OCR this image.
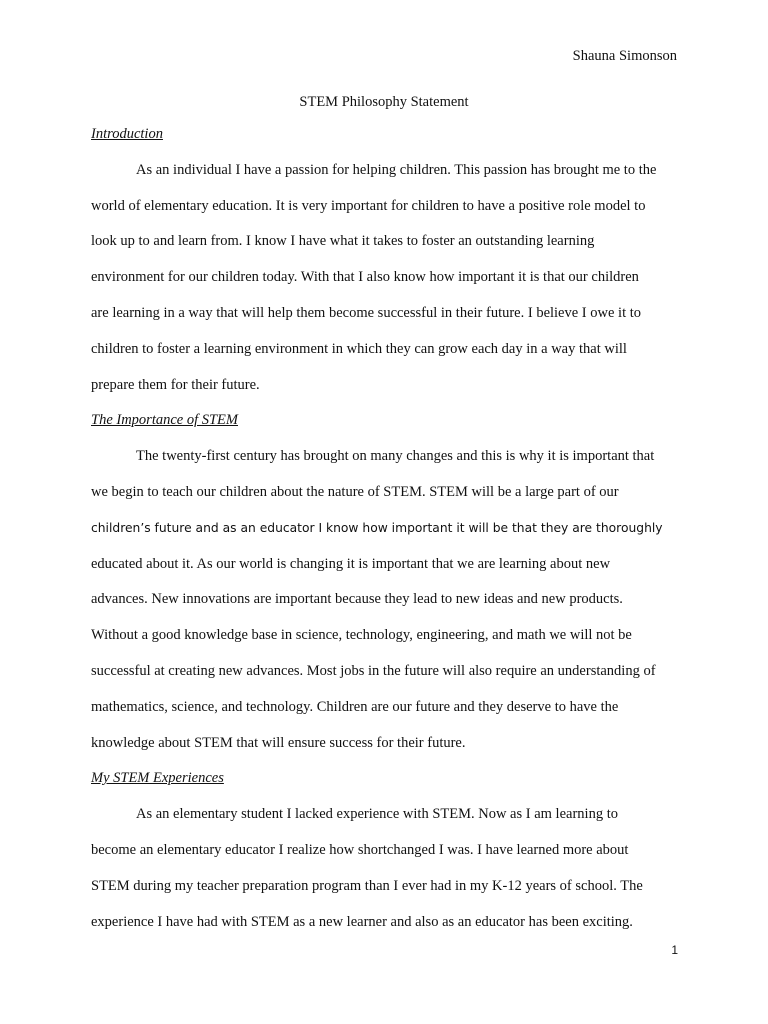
Shauna Simonson
STEM Philosophy Statement
Introduction
As an individual I have a passion for helping children. This passion has brought me to the
world of elementary education. It is very important for children to have a positive role model to
look up to and learn from. I know I have what it takes to foster an outstanding learning
environment for our children today. With that I also know how important it is that our children
are learning in a way that will help them become successful in their future. I believe I owe it to
children to foster a learning environment in which they can grow each day in a way that will
prepare them for their future.
The Importance of STEM
The twenty-first century has brought on many changes and this is why it is important that
we begin to teach our children about the nature of STEM. STEM will be a large part of our
children’s future and as an educator I know how important it will be that they are thoroughly
educated about it. As our world is changing it is important that we are learning about new
advances. New innovations are important because they lead to new ideas and new products.
Without a good knowledge base in science, technology, engineering, and math we will not be
successful at creating new advances. Most jobs in the future will also require an understanding of
mathematics, science, and technology. Children are our future and they deserve to have the
knowledge about STEM that will ensure success for their future.
My STEM Experiences
As an elementary student I lacked experience with STEM. Now as I am learning to
become an elementary educator I realize how shortchanged I was. I have learned more about
STEM during my teacher preparation program than I ever had in my K-12 years of school. The
experience I have had with STEM as a new learner and also as an educator has been exciting.
1
